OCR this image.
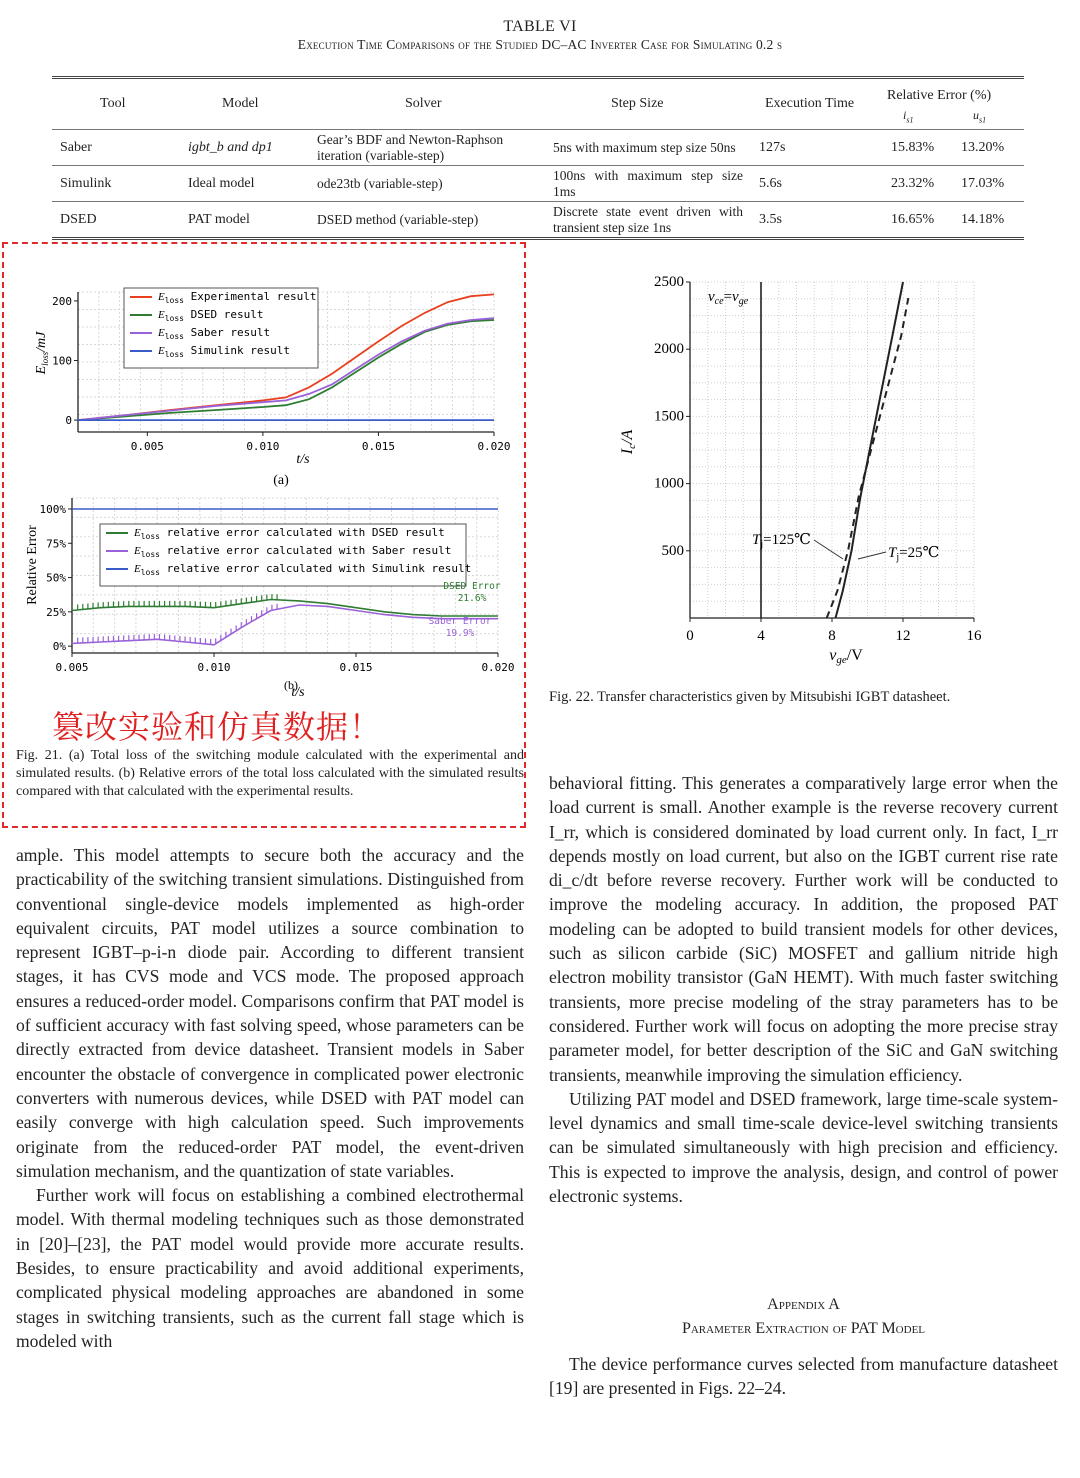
TABLE VI
Execution Time Comparisons of the Studied DC–AC Inverter Case for Simulating 0.2 s
Tool	Model	Solver	Step Size	Execution Time	Relative Error (%)	
					$i_{s1}$	$u_{s1}$
Saber	igbt_b and dp1	Gear’s BDF and Newton-Raphson iteration (variable-step)	5ns with maximum step size 50ns	127s	15.83%	13.20%
Simulink	Ideal model	ode23tb (variable-step)	100ns with maximum step size 1ms	5.6s	23.32%	17.03%
DSED	PAT model	DSED method (variable-step)	Discrete state event driven with transient step size 1ns	3.5s	16.65%	14.18%
0.005	0.010	0.015	0.020
0
100
200
$E_{loss}/mJ$
t/s
(a)
$E_{loss}$ Experimental result
$E_{loss}$ DSED result
$E_{loss}$ Saber result
$E_{loss}$ Simulink result
0.005	0.010	0.015	0.020
0%
25%
50%
75%
100%
Relative Error
t/s
(b)
$E_{loss}$ relative error calculated with DSED result
$E_{loss}$ relative error calculated with Saber result
$E_{loss}$ relative error calculated with Simulink result
DSED Error
21.6%
Saber Error
19.9%
篡改实验和仿真数据！
Fig. 21. (a) Total loss of the switching module calculated with the experimental and simulated results. (b) Relative errors of the total loss calculated with the simulated results compared with that calculated with the experimental results.
0	4	8	12	16
500
1000
1500
2000
2500
Ic/A
vge/V
$v_{ce}=v_{ge}$
$T_j=125℃$
$T_j=25℃$
Fig. 22. Transfer characteristics given by Mitsubishi IGBT datasheet.

ample. This model attempts to secure both the accuracy and the practicability of the switching transient simulations. Distinguished from conventional single-device models implemented as high-order equivalent circuits, PAT model utilizes a source combination to represent IGBT–p-i-n diode pair. According to different transient stages, it has CVS mode and VCS mode. The proposed approach ensures a reduced-order model. Comparisons confirm that PAT model is of sufficient accuracy with fast solving speed, whose parameters can be directly extracted from device datasheet. Transient models in Saber encounter the obstacle of convergence in complicated power electronic converters with numerous devices, while DSED with PAT model can easily converge with high calculation speed. Such improvements originate from the reduced-order PAT model, the event-driven simulation mechanism, and the quantization of state variables.

Further work will focus on establishing a combined electrothermal model. With thermal modeling techniques such as those demonstrated in [20]–[23], the PAT model would provide more accurate results. Besides, to ensure practicability and avoid additional experiments, complicated physical modeling approaches are abandoned in some stages in switching transients, such as the current fall stage which is modeled with

behavioral fitting. This generates a comparatively large error when the load current is small. Another example is the reverse recovery current I_rr, which is considered dominated by load current only. In fact, I_rr depends mostly on load current, but also on the IGBT current rise rate di_c/dt before reverse recovery. Further work will be conducted to improve the modeling accuracy. In addition, the proposed PAT modeling can be adopted to build transient models for other devices, such as silicon carbide (SiC) MOSFET and gallium nitride high electron mobility transistor (GaN HEMT). With much faster switching transients, more precise modeling of the stray parameters has to be considered. Further work will focus on adopting the more precise stray parameter model, for better description of the SiC and GaN switching transients, meanwhile improving the simulation efficiency.

Utilizing PAT model and DSED framework, large time-scale system-level dynamics and small time-scale device-level switching transients can be simulated simultaneously with high precision and efficiency. This is expected to improve the analysis, design, and control of power electronic systems.

Appendix A
Parameter Extraction of PAT Model

The device performance curves selected from manufacture datasheet [19] are presented in Figs. 22–24.
